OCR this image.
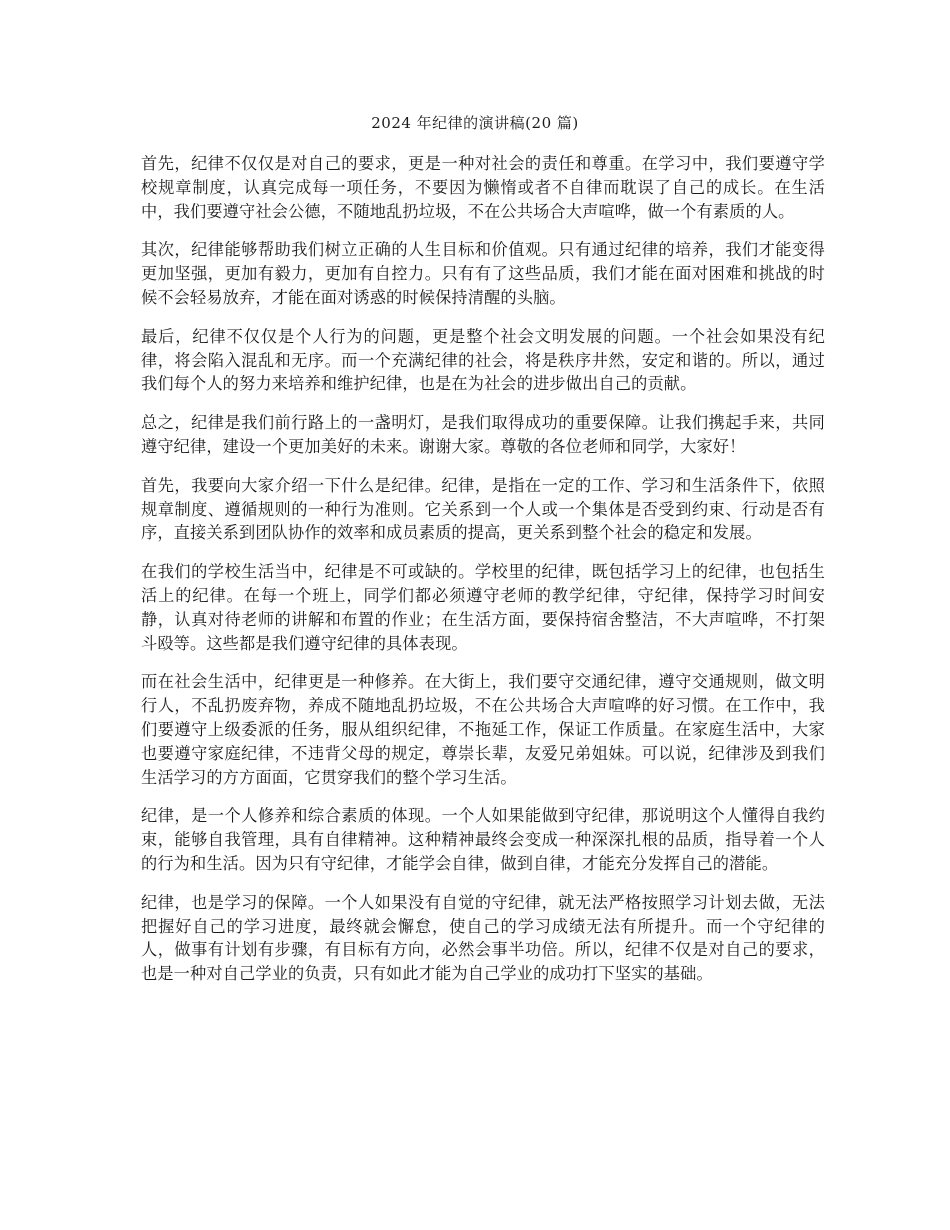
2024 年纪律的演讲稿(20 篇)

首先，纪律不仅仅是对自己的要求，更是一种对社会的责任和尊重。在学习中，我们要遵守学校规章制度，认真完成每一项任务，不要因为懒惰或者不自律而耽误了自己的成长。在生活中，我们要遵守社会公德，不随地乱扔垃圾，不在公共场合大声喧哗，做一个有素质的人。

其次，纪律能够帮助我们树立正确的人生目标和价值观。只有通过纪律的培养，我们才能变得更加坚强，更加有毅力，更加有自控力。只有有了这些品质，我们才能在面对困难和挑战的时候不会轻易放弃，才能在面对诱惑的时候保持清醒的头脑。

最后，纪律不仅仅是个人行为的问题，更是整个社会文明发展的问题。一个社会如果没有纪律，将会陷入混乱和无序。而一个充满纪律的社会，将是秩序井然，安定和谐的。所以，通过我们每个人的努力来培养和维护纪律，也是在为社会的进步做出自己的贡献。

总之，纪律是我们前行路上的一盏明灯，是我们取得成功的重要保障。让我们携起手来，共同遵守纪律，建设一个更加美好的未来。谢谢大家。尊敬的各位老师和同学，大家好！

首先，我要向大家介绍一下什么是纪律。纪律，是指在一定的工作、学习和生活条件下，依照规章制度、遵循规则的一种行为准则。它关系到一个人或一个集体是否受到约束、行动是否有序，直接关系到团队协作的效率和成员素质的提高，更关系到整个社会的稳定和发展。

在我们的学校生活当中，纪律是不可或缺的。学校里的纪律，既包括学习上的纪律，也包括生活上的纪律。在每一个班上，同学们都必须遵守老师的教学纪律，守纪律，保持学习时间安静，认真对待老师的讲解和布置的作业；在生活方面，要保持宿舍整洁，不大声喧哗，不打架斗殴等。这些都是我们遵守纪律的具体表现。

而在社会生活中，纪律更是一种修养。在大街上，我们要守交通纪律，遵守交通规则，做文明行人，不乱扔废弃物，养成不随地乱扔垃圾，不在公共场合大声喧哗的好习惯。在工作中，我们要遵守上级委派的任务，服从组织纪律，不拖延工作，保证工作质量。在家庭生活中，大家也要遵守家庭纪律，不违背父母的规定，尊崇长辈，友爱兄弟姐妹。可以说，纪律涉及到我们生活学习的方方面面，它贯穿我们的整个学习生活。

纪律，是一个人修养和综合素质的体现。一个人如果能做到守纪律，那说明这个人懂得自我约束，能够自我管理，具有自律精神。这种精神最终会变成一种深深扎根的品质，指导着一个人的行为和生活。因为只有守纪律，才能学会自律，做到自律，才能充分发挥自己的潜能。

纪律，也是学习的保障。一个人如果没有自觉的守纪律，就无法严格按照学习计划去做，无法把握好自己的学习进度，最终就会懈怠，使自己的学习成绩无法有所提升。而一个守纪律的人，做事有计划有步骤，有目标有方向，必然会事半功倍。所以，纪律不仅是对自己的要求，也是一种对自己学业的负责，只有如此才能为自己学业的成功打下坚实的基础。
